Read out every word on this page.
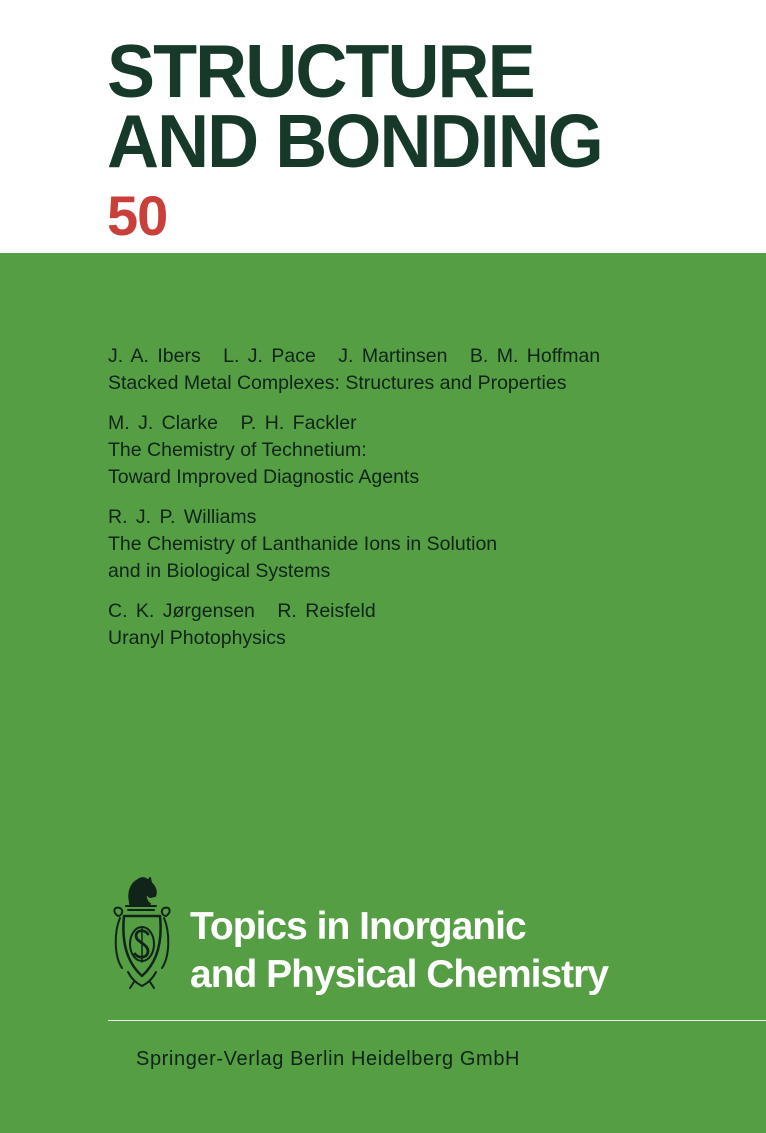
STRUCTURE
AND BONDING
50
J. A. Ibers L. J. Pace J. Martinsen B. M. Hoffman
Stacked Metal Complexes: Structures and Properties
M. J. Clarke P. H. Fackler
The Chemistry of Technetium:
Toward Improved Diagnostic Agents
R. J. P. Williams
The Chemistry of Lanthanide Ions in Solution
and in Biological Systems
C. K. Jørgensen R. Reisfeld
Uranyl Photophysics
Topics in Inorganic
and Physical Chemistry
Springer-Verlag Berlin Heidelberg GmbH
